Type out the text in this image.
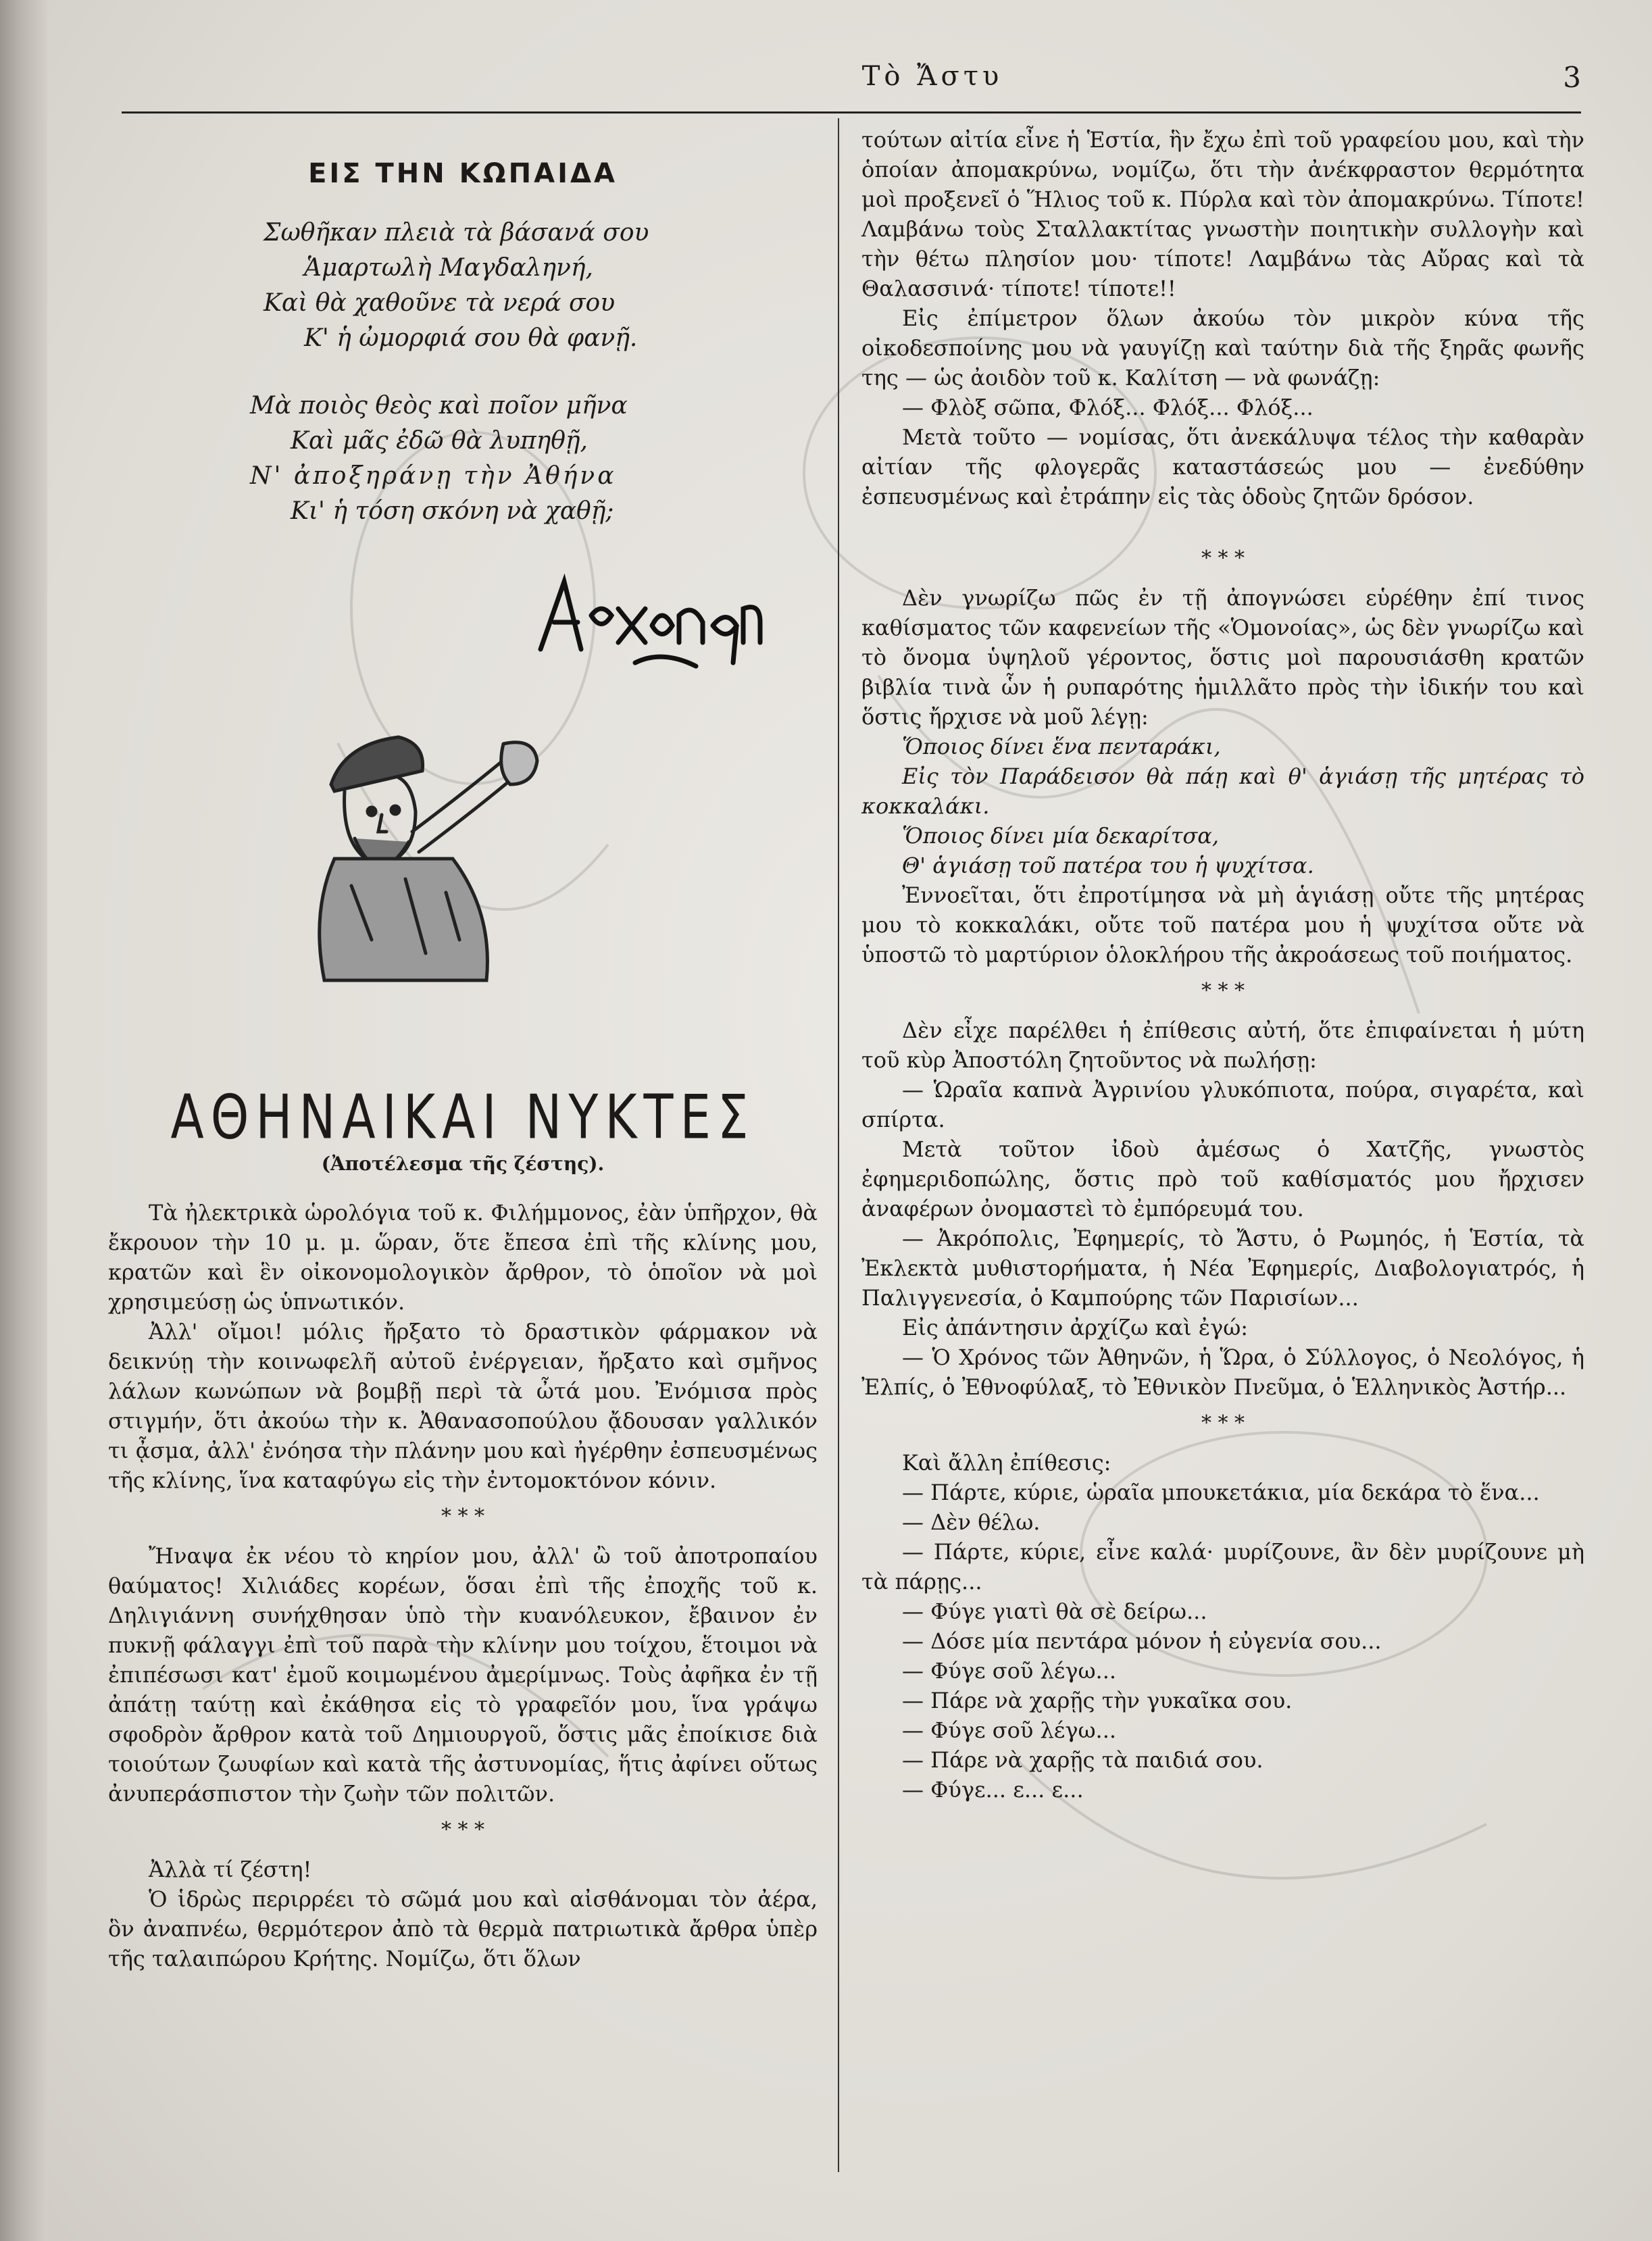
Τὸ Ἄστυ	3
ΕΙΣ ΤΗΝ ΚΩΠΑΙΔΑ
Σωθῆκαν πλειὰ τὰ βάσανά σου
Ἁμαρτωλὴ Μαγδαληνή,
Καὶ θὰ χαθοῦνε τὰ νερά σου
Κ' ἡ ὠμορφιά σου θὰ φανῇ.
Μὰ ποιὸς θεὸς καὶ ποῖον μῆνα
Καὶ μᾶς ἐδῶ θὰ λυπηθῇ,
Ν' ἀποξηράνῃ τὴν Ἀθήνα
Κι' ἡ τόση σκόνη νὰ χαθῇ;
ΑΘΗΝΑΙΚΑΙ ΝΥΚΤΕΣ
(Ἀποτέλεσμα τῆς ζέστης).

Τὰ ἠλεκτρικὰ ὡρολόγια τοῦ κ. Φιλήμμονος, ἐὰν ὑπῆρχον, θὰ ἔκρουον τὴν 10 μ. μ. ὥραν, ὅτε ἔπεσα ἐπὶ τῆς κλίνης μου, κρατῶν καὶ ἓν οἰκονομολογικὸν ἄρθρον, τὸ ὁποῖον νὰ μοὶ χρησιμεύσῃ ὡς ὑπνωτικόν.

Ἀλλ' οἴμοι! μόλις ἤρξατο τὸ δραστικὸν φάρμακον νὰ δεικνύῃ τὴν κοινωφελῆ αὐτοῦ ἐνέργειαν, ἤρξατο καὶ σμῆνος λάλων κωνώπων νὰ βομβῇ περὶ τὰ ὦτά μου. Ἐνόμισα πρὸς στιγμήν, ὅτι ἀκούω τὴν κ. Ἀθανασοπούλου ᾄδουσαν γαλλικόν τι ᾆσμα, ἀλλ' ἐνόησα τὴν πλάνην μου καὶ ἠγέρθην ἐσπευσμένως τῆς κλίνης, ἵνα καταφύγω εἰς τὴν ἐντομοκτόνον κόνιν.

* * *

Ἤναψα ἐκ νέου τὸ κηρίον μου, ἀλλ' ὢ τοῦ ἀποτροπαίου θαύματος! Χιλιάδες κορέων, ὅσαι ἐπὶ τῆς ἐποχῆς τοῦ κ. Δηλιγιάννη συνήχθησαν ὑπὸ τὴν κυανόλευκον, ἔβαινον ἐν πυκνῇ φάλαγγι ἐπὶ τοῦ παρὰ τὴν κλίνην μου τοίχου, ἕτοιμοι νὰ ἐπιπέσωσι κατ' ἐμοῦ κοιμωμένου ἀμερίμνως. Τοὺς ἀφῆκα ἐν τῇ ἀπάτῃ ταύτῃ καὶ ἐκάθησα εἰς τὸ γραφεῖόν μου, ἵνα γράψω σφοδρὸν ἄρθρον κατὰ τοῦ Δημιουργοῦ, ὅστις μᾶς ἐποίκισε διὰ τοιούτων ζωυφίων καὶ κατὰ τῆς ἀστυνομίας, ἥτις ἀφίνει οὕτως ἀνυπεράσπιστον τὴν ζωὴν τῶν πολιτῶν.

* * *

Ἀλλὰ τί ζέστη!

Ὁ ἱδρὼς περιρρέει τὸ σῶμά μου καὶ αἰσθάνομαι τὸν ἀέρα, ὃν ἀναπνέω, θερμότερον ἀπὸ τὰ θερμὰ πατριωτικὰ ἄρθρα ὑπὲρ τῆς ταλαιπώρου Κρήτης. Νομίζω, ὅτι ὅλων

τούτων αἰτία εἶνε ἡ Ἑστία, ἣν ἔχω ἐπὶ τοῦ γραφείου μου, καὶ τὴν ὁποίαν ἀπομακρύνω, νομίζω, ὅτι τὴν ἀνέκφραστον θερμότητα μοὶ προξενεῖ ὁ Ἥλιος τοῦ κ. Πύρλα καὶ τὸν ἀπομακρύνω. Τίποτε! Λαμβάνω τοὺς Σταλλακτίτας γνωστὴν ποιητικὴν συλλογὴν καὶ τὴν θέτω πλησίον μου· τίποτε! Λαμβάνω τὰς Αὔρας καὶ τὰ Θαλασσινά· τίποτε! τίποτε!!

Εἰς ἐπίμετρον ὅλων ἀκούω τὸν μικρὸν κύνα τῆς οἰκοδεσποίνης μου νὰ γαυγίζῃ καὶ ταύτην διὰ τῆς ξηρᾶς φωνῆς της — ὡς ἀοιδὸν τοῦ κ. Καλίτση — νὰ φωνάζῃ:

— Φλὸξ σῶπα, Φλόξ... Φλόξ... Φλόξ...

Μετὰ τοῦτο — νομίσας, ὅτι ἀνεκάλυψα τέλος τὴν καθαρὰν αἰτίαν τῆς φλογερᾶς καταστάσεώς μου — ἐνεδύθην ἐσπευσμένως καὶ ἐτράπην εἰς τὰς ὁδοὺς ζητῶν δρόσον.

* * *

Δὲν γνωρίζω πῶς ἐν τῇ ἀπογνώσει εὑρέθην ἐπί τινος καθίσματος τῶν καφενείων τῆς «Ὁμονοίας», ὡς δὲν γνωρίζω καὶ τὸ ὄνομα ὑψηλοῦ γέροντος, ὅστις μοὶ παρουσιάσθη κρατῶν βιβλία τινὰ ὧν ἡ ρυπαρότης ἡμιλλᾶτο πρὸς τὴν ἰδικήν του καὶ ὅστις ἤρχισε νὰ μοῦ λέγῃ:

Ὅποιος δίνει ἕνα πενταράκι,

Εἰς τὸν Παράδεισον θὰ πάῃ καὶ θ' ἁγιάσῃ τῆς μητέρας τὸ κοκκαλάκι.

Ὅποιος δίνει μία δεκαρίτσα,

Θ' ἁγιάσῃ τοῦ πατέρα του ἡ ψυχίτσα.

Ἐννοεῖται, ὅτι ἐπροτίμησα νὰ μὴ ἁγιάσῃ οὔτε τῆς μητέρας μου τὸ κοκκαλάκι, οὔτε τοῦ πατέρα μου ἡ ψυχίτσα οὔτε νὰ ὑποστῶ τὸ μαρτύριον ὁλοκλήρου τῆς ἀκροάσεως τοῦ ποιήματος.

* * *

Δὲν εἶχε παρέλθει ἡ ἐπίθεσις αὐτή, ὅτε ἐπιφαίνεται ἡ μύτη τοῦ κὺρ Ἀποστόλη ζητοῦντος νὰ πωλήσῃ:

— Ὡραῖα καπνὰ Ἀγρινίου γλυκόπιοτα, πούρα, σιγαρέτα, καὶ σπίρτα.

Μετὰ τοῦτον ἰδοὺ ἀμέσως ὁ Χατζῆς, γνωστὸς ἐφημεριδοπώλης, ὅστις πρὸ τοῦ καθίσματός μου ἤρχισεν ἀναφέρων ὀνομαστεὶ τὸ ἐμπόρευμά του.

— Ἀκρόπολις, Ἐφημερίς, τὸ Ἄστυ, ὁ Ρωμηός, ἡ Ἑστία, τὰ Ἐκλεκτὰ μυθιστορήματα, ἡ Νέα Ἐφημερίς, Διαβολογιατρός, ἡ Παλιγγενεσία, ὁ Καμπούρης τῶν Παρισίων...

Εἰς ἀπάντησιν ἀρχίζω καὶ ἐγώ:

— Ὁ Χρόνος τῶν Ἀθηνῶν, ἡ Ὥρα, ὁ Σύλλογος, ὁ Νεολόγος, ἡ Ἐλπίς, ὁ Ἐθνοφύλαξ, τὸ Ἐθνικὸν Πνεῦμα, ὁ Ἑλληνικὸς Ἀστήρ...

* * *

Καὶ ἄλλη ἐπίθεσις:

— Πάρτε, κύριε, ὡραῖα μπουκετάκια, μία δεκάρα τὸ ἕνα...

— Δὲν θέλω.

— Πάρτε, κύριε, εἶνε καλά· μυρίζουνε, ἂν δὲν μυρίζουνε μὴ τὰ πάρῃς...

— Φύγε γιατὶ θὰ σὲ δείρω...

— Δόσε μία πεντάρα μόνον ἡ εὐγενία σου...

— Φύγε σοῦ λέγω...

— Πάρε νὰ χαρῇς τὴν γυκαῖκα σου.

— Φύγε σοῦ λέγω...

— Πάρε νὰ χαρῇς τὰ παιδιά σου.

— Φύγε... ε... ε...
